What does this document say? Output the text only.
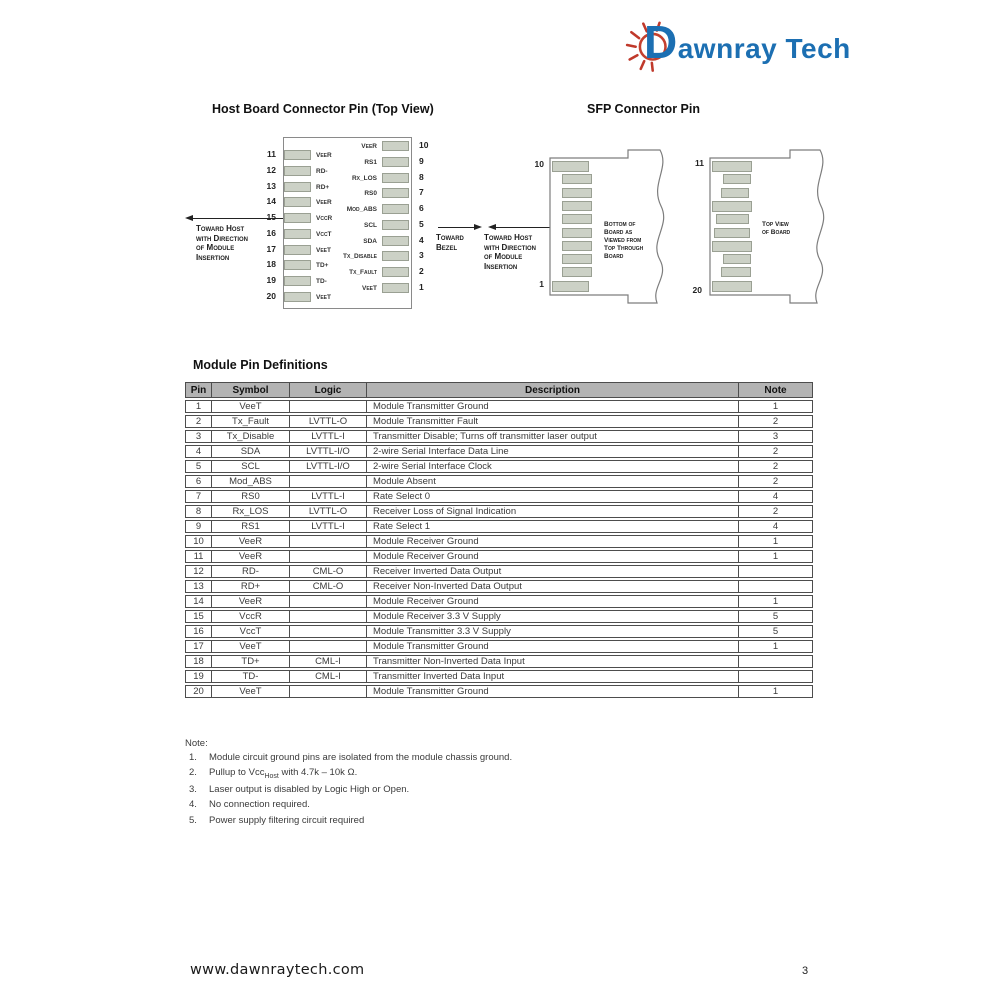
Dawnray Tech
Host Board Connector Pin (Top View)	SFP Connector Pin
Toward Host
with Direction
of Module
Insertion
Toward
Bezel
Toward Host
with Direction
of Module
Insertion
10
1
Bottom of
Board as
Viewed from
Top Through
Board
11
20
Top View
of Board
Module Pin Definitions
Pin	Symbol	Logic	Description	Note
1	VeeT		Module Transmitter Ground	1
2	Tx_Fault	LVTTL-O	Module Transmitter Fault	2
3	Tx_Disable	LVTTL-I	Transmitter Disable; Turns off transmitter laser output	3
4	SDA	LVTTL-I/O	2-wire Serial Interface Data Line	2
5	SCL	LVTTL-I/O	2-wire Serial Interface Clock	2
6	Mod_ABS		Module Absent	2
7	RS0	LVTTL-I	Rate Select 0	4
8	Rx_LOS	LVTTL-O	Receiver Loss of Signal Indication	2
9	RS1	LVTTL-I	Rate Select 1	4
10	VeeR		Module Receiver Ground	1
11	VeeR		Module Receiver Ground	1
12	RD-	CML-O	Receiver Inverted Data Output	
13	RD+	CML-O	Receiver Non-Inverted Data Output	
14	VeeR		Module Receiver Ground	1
15	VccR		Module Receiver 3.3 V Supply	5
16	VccT		Module Transmitter 3.3 V Supply	5
17	VeeT		Module Transmitter Ground	1
18	TD+	CML-I	Transmitter Non-Inverted Data Input	
19	TD-	CML-I	Transmitter Inverted Data Input	
20	VeeT		Module Transmitter Ground	1
Note:
1.	Module circuit ground pins are isolated from the module chassis ground.
2.	Pullup to Vcc$_{Host}$ with 4.7k – 10k Ω.
3.	Laser output is disabled by Logic High or Open.
4.	No connection required.
5.	Power supply filtering circuit required
www.dawnraytech.com	3
11	VeeR
12	RD-
13	RD+
14	VeeR
15	VccR
16	VccT
17	VeeT
18	TD+
19	TD-
20	VeeT
VeeR	10
RS1	9
Rx_LOS	8
RS0	7
Mod_ABS	6
SCL	5
SDA	4
Tx_Disable	3
Tx_Fault	2
VeeT	1
